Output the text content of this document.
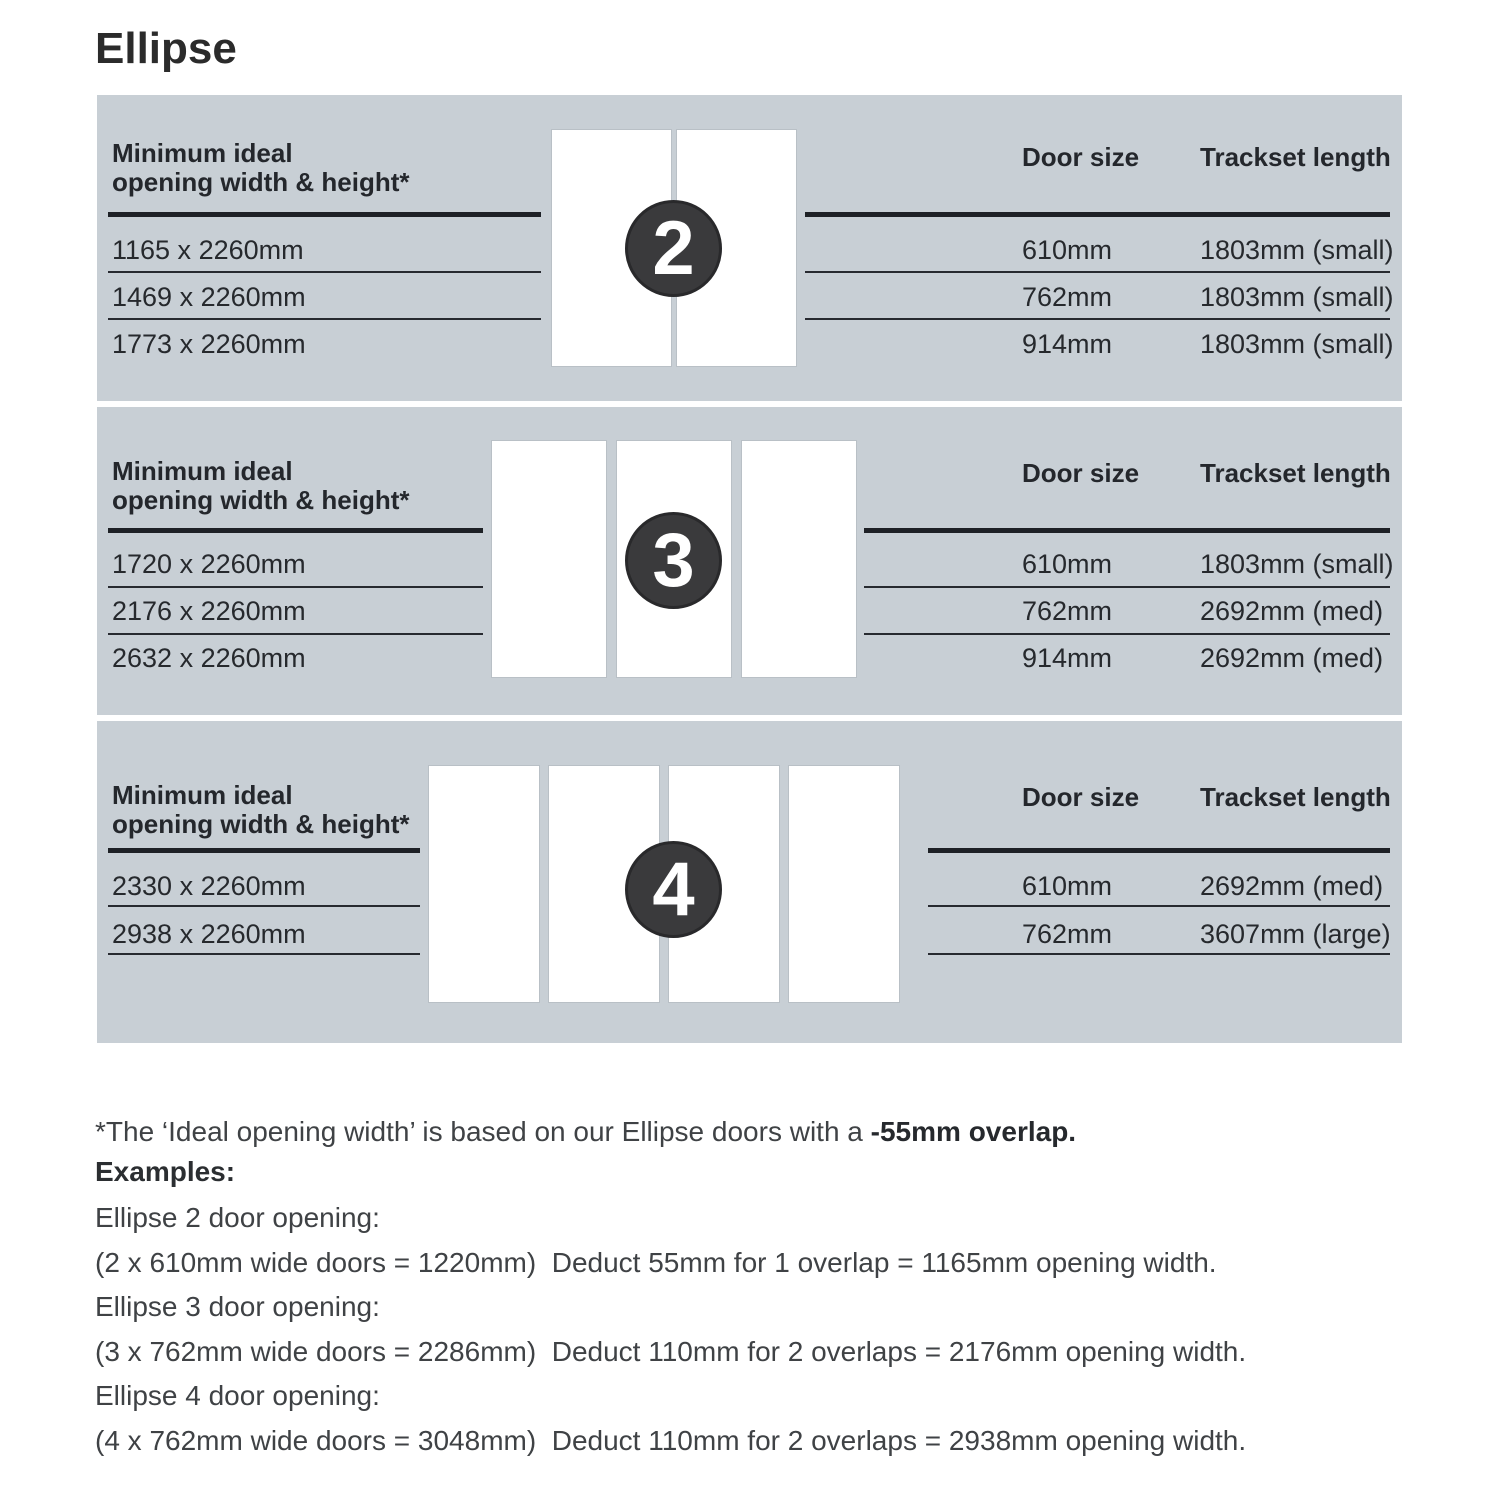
Ellipse
Minimum ideal
opening width & height*
Door size Trackset length
1165 x 2260mm	610mm	1803mm (small)
1469 x 2260mm	762mm	1803mm (small)
1773 x 2260mm	914mm	1803mm (small)
2
Minimum ideal
opening width & height*
Door size Trackset length
1720 x 2260mm	610mm	1803mm (small)
2176 x 2260mm	762mm	2692mm (med)
2632 x 2260mm	914mm	2692mm (med)
3
Minimum ideal
opening width & height*
Door size Trackset length
2330 x 2260mm	610mm	2692mm (med)
2938 x 2260mm	762mm	3607mm (large)
4

*The ‘Ideal opening width’ is based on our Ellipse doors with a -55mm overlap.

Examples:
Ellipse 2 door opening:
(2 x 610mm wide doors = 1220mm)  Deduct 55mm for 1 overlap = 1165mm opening width.
Ellipse 3 door opening:
(3 x 762mm wide doors = 2286mm)  Deduct 110mm for 2 overlaps = 2176mm opening width.
Ellipse 4 door opening:
(4 x 762mm wide doors = 3048mm)  Deduct 110mm for 2 overlaps = 2938mm opening width.
